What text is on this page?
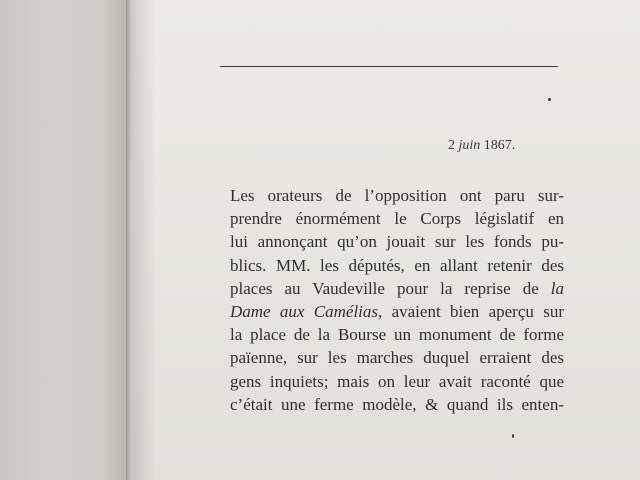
2 juin 1867.
Les orateurs de l’opposition ont paru sur-
prendre énormément le Corps législatif en
lui annonçant qu’on jouait sur les fonds pu-
blics. MM. les députés, en allant retenir des
places au Vaudeville pour la reprise de la
Dame aux Camélias, avaient bien aperçu sur
la place de la Bourse un monument de forme
païenne, sur les marches duquel erraient des
gens inquiets; mais on leur avait raconté que
c’était une ferme modèle, & quand ils enten-
